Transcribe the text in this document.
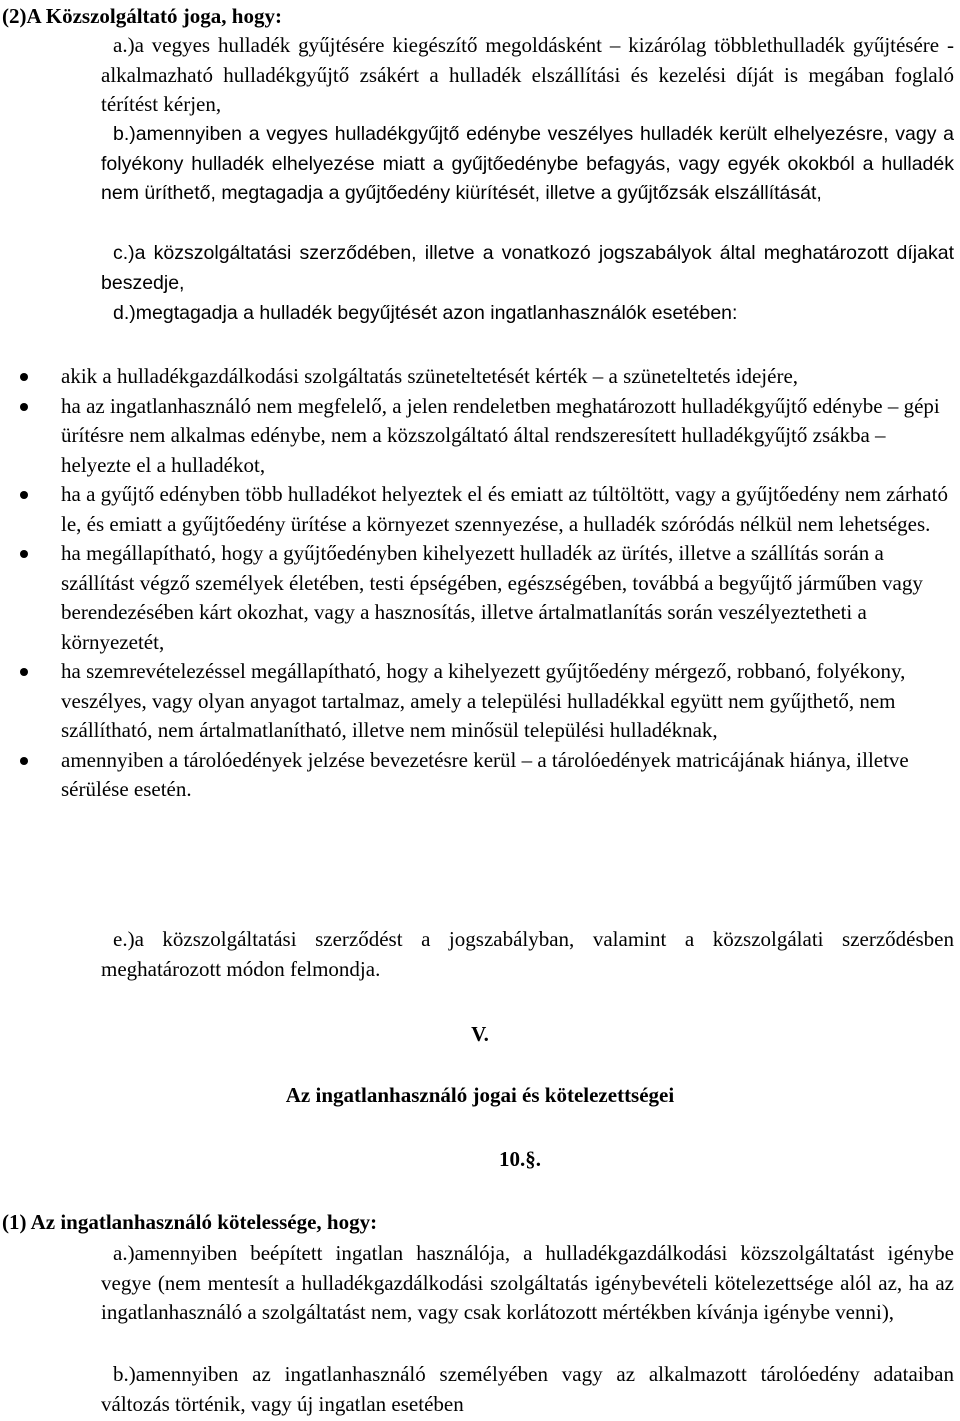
(2)A Közszolgáltató joga, hogy:

a.)a vegyes hulladék gyűjtésére kiegészítő megoldásként – kizárólag többlethulladék gyűjtésére - alkalmazható hulladékgyűjtő zsákért a hulladék elszállítási és kezelési díját is megában foglaló térítést kérjen,

b.)amennyiben a vegyes hulladékgyűjtő edénybe veszélyes hulladék került elhelyezésre, vagy a folyékony hulladék elhelyezése miatt a gyűjtőedénybe befagyás, vagy egyék okokból a hulladék nem üríthető, megtagadja a gyűjtőedény kiürítését, illetve a gyűjtőzsák elszállítását,

c.)a közszolgáltatási szerződében, illetve a vonatkozó jogszabályok által meghatározott díjakat beszedje,

d.)megtagadja a hulladék begyűjtését azon ingatlanhasználók esetében:

akik a hulladékgazdálkodási szolgáltatás szüneteltetését kérték – a szüneteltetés idejére,
ha az ingatlanhasználó nem megfelelő, a jelen rendeletben meghatározott hulladékgyűjtő edénybe – gépi ürítésre nem alkalmas edénybe, nem a közszolgáltató által rendszeresített hulladékgyűjtő zsákba – helyezte el a hulladékot,
ha a gyűjtő edényben több hulladékot helyeztek el és emiatt az túltöltött, vagy a gyűjtőedény nem zárható le, és emiatt a gyűjtőedény ürítése a környezet szennyezése, a hulladék szóródás nélkül nem lehetséges.
ha megállapítható, hogy a gyűjtőedényben kihelyezett hulladék az ürítés, illetve a szállítás során a szállítást végző személyek életében, testi épségében, egészségében, továbbá a begyűjtő járműben vagy berendezésében kárt okozhat, vagy a hasznosítás, illetve ártalmatlanítás során veszélyeztetheti a környezetét,
ha szemrevételezéssel megállapítható, hogy a kihelyezett gyűjtőedény mérgező, robbanó, folyékony, veszélyes, vagy olyan anyagot tartalmaz, amely a települési hulladékkal együtt nem gyűjthető, nem szállítható, nem ártalmatlanítható, illetve nem minősül települési hulladéknak,
amennyiben a tárolóedények jelzése bevezetésre kerül – a tárolóedények matricájának hiánya, illetve sérülése esetén.

e.)a közszolgáltatási szerződést a jogszabályban, valamint a közszolgálati szerződésben meghatározott módon felmondja.

V.

Az ingatlanhasználó jogai és kötelezettségei

10.§.

(1) Az ingatlanhasználó kötelessége, hogy:

a.)amennyiben beépített ingatlan használója, a hulladékgazdálkodási közszolgáltatást igénybe vegye (nem mentesít a hulladékgazdálkodási szolgáltatás igénybevételi kötelezettsége alól az, ha az ingatlanhasználó a szolgáltatást nem, vagy csak korlátozott mértékben kívánja igénybe venni),

b.)amennyiben az ingatlanhasználó személyében vagy az alkalmazott tárolóedény adataiban változás történik, vagy új ingatlan esetében
